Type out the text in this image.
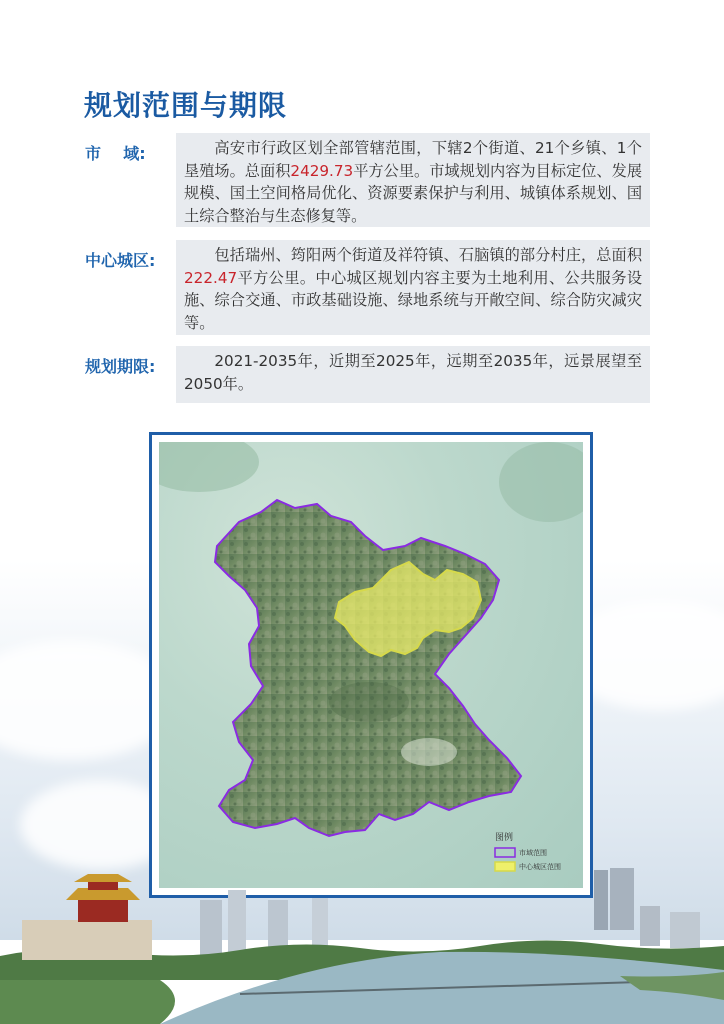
规划范围与期限
市    域:	高安市行政区划全部管辖范围，下辖2个街道、21个乡镇、1个垦殖场。总面积2429.73平方公里。市域规划内容为目标定位、发展规模、国土空间格局优化、资源要素保护与利用、城镇体系规划、国土综合整治与生态修复等。
中心城区:	包括瑞州、筠阳两个街道及祥符镇、石脑镇的部分村庄，总面积222.47平方公里。中心城区规划内容主要为土地利用、公共服务设施、综合交通、市政基础设施、绿地系统与开敞空间、综合防灾减灾等。
规划期限:	2021-2035年，近期至2025年，远期至2035年，远景展望至2050年。
图例
市域范围
中心城区范围
